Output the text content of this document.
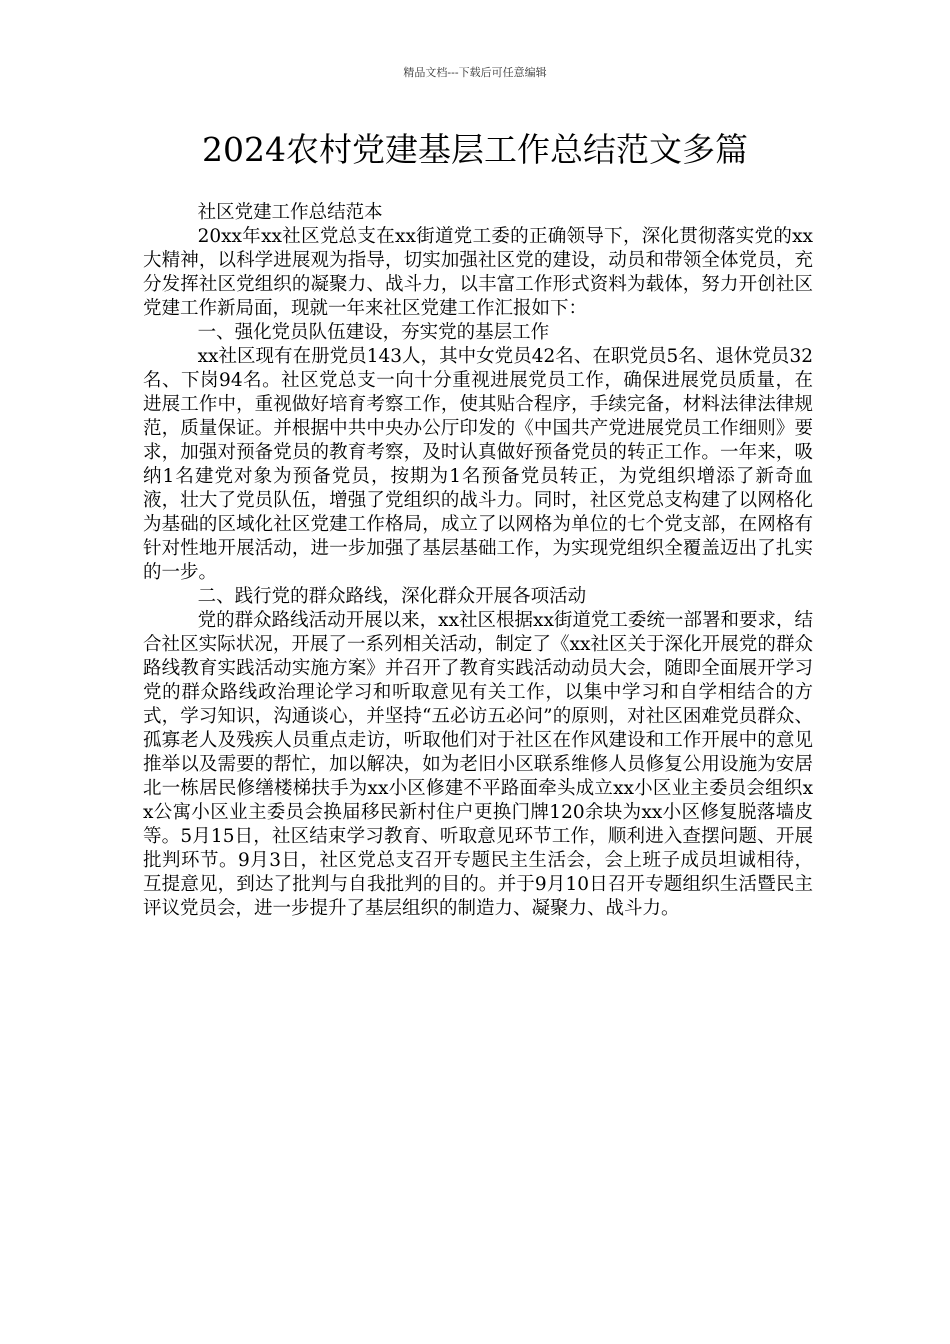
精品文档---下载后可任意编辑
2024农村党建基层工作总结范文多篇

社区党建工作总结范本

20xx年xx社区党总支在xx街道党工委的正确领导下，深化贯彻落实党的xx大精神，以科学进展观为指导，切实加强社区党的建设，动员和带领全体党员，充分发挥社区党组织的凝聚力、战斗力，以丰富工作形式资料为载体，努力开创社区党建工作新局面，现就一年来社区党建工作汇报如下：

一、强化党员队伍建设，夯实党的基层工作

xx社区现有在册党员143人，其中女党员42名、在职党员5名、退休党员32名、下岗94名。社区党总支一向十分重视进展党员工作，确保进展党员质量，在进展工作中，重视做好培育考察工作，使其贴合程序，手续完备，材料法律法律规范，质量保证。并根据中共中央办公厅印发的《中国共产党进展党员工作细则》要求，加强对预备党员的教育考察，及时认真做好预备党员的转正工作。一年来，吸纳1名建党对象为预备党员，按期为1名预备党员转正，为党组织增添了新奇血液，壮大了党员队伍，增强了党组织的战斗力。同时，社区党总支构建了以网格化为基础的区域化社区党建工作格局，成立了以网格为单位的七个党支部，在网格有针对性地开展活动，进一步加强了基层基础工作，为实现党组织全覆盖迈出了扎实的一步。

二、践行党的群众路线，深化群众开展各项活动

党的群众路线活动开展以来，xx社区根据xx街道党工委统一部署和要求，结合社区实际状况，开展了一系列相关活动，制定了《xx社区关于深化开展党的群众路线教育实践活动实施方案》并召开了教育实践活动动员大会，随即全面展开学习党的群众路线政治理论学习和听取意见有关工作，以集中学习和自学相结合的方式，学习知识，沟通谈心，并坚持“五必访五必问”的原则，对社区困难党员群众、孤寡老人及残疾人员重点走访，听取他们对于社区在作风建设和工作开展中的意见推举以及需要的帮忙，加以解决，如为老旧小区联系维修人员修复公用设施为安居北一栋居民修缮楼梯扶手为xx小区修建不平路面牵头成立xx小区业主委员会组织xx公寓小区业主委员会换届移民新村住户更换门牌120余块为xx小区修复脱落墙皮等。5月15日，社区结束学习教育、听取意见环节工作，顺利进入查摆问题、开展批判环节。9月3日，社区党总支召开专题民主生活会，会上班子成员坦诚相待，互提意见，到达了批判与自我批判的目的。并于9月10日召开专题组织生活暨民主评议党员会，进一步提升了基层组织的制造力、凝聚力、战斗力。
